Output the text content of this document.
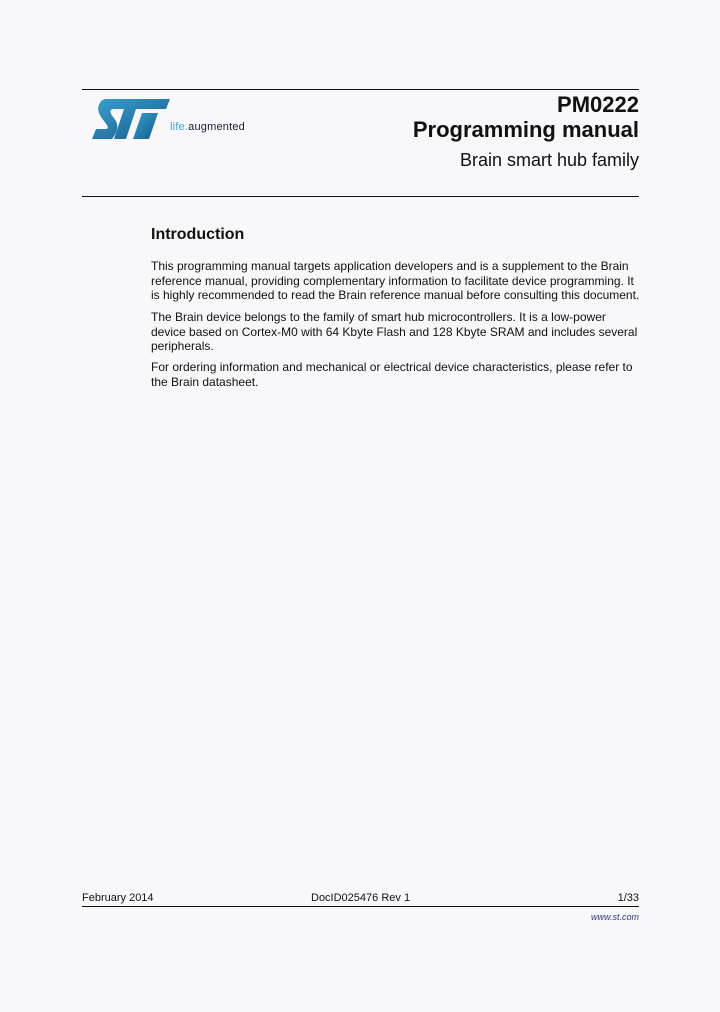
life.augmented
PM0222
Programming manual
Brain smart hub family
Introduction
This programming manual targets application developers and is a supplement to the Brain
reference manual, providing complementary information to facilitate device programming. It
is highly recommended to read the Brain reference manual before consulting this document.
The Brain device belongs to the family of smart hub microcontrollers. It is a low-power
device based on Cortex-M0 with 64 Kbyte Flash and 128 Kbyte SRAM and includes several
peripherals.
For ordering information and mechanical or electrical device characteristics, please refer to
the Brain datasheet.
February 2014	DocID025476 Rev 1	1/33
www.st.com
